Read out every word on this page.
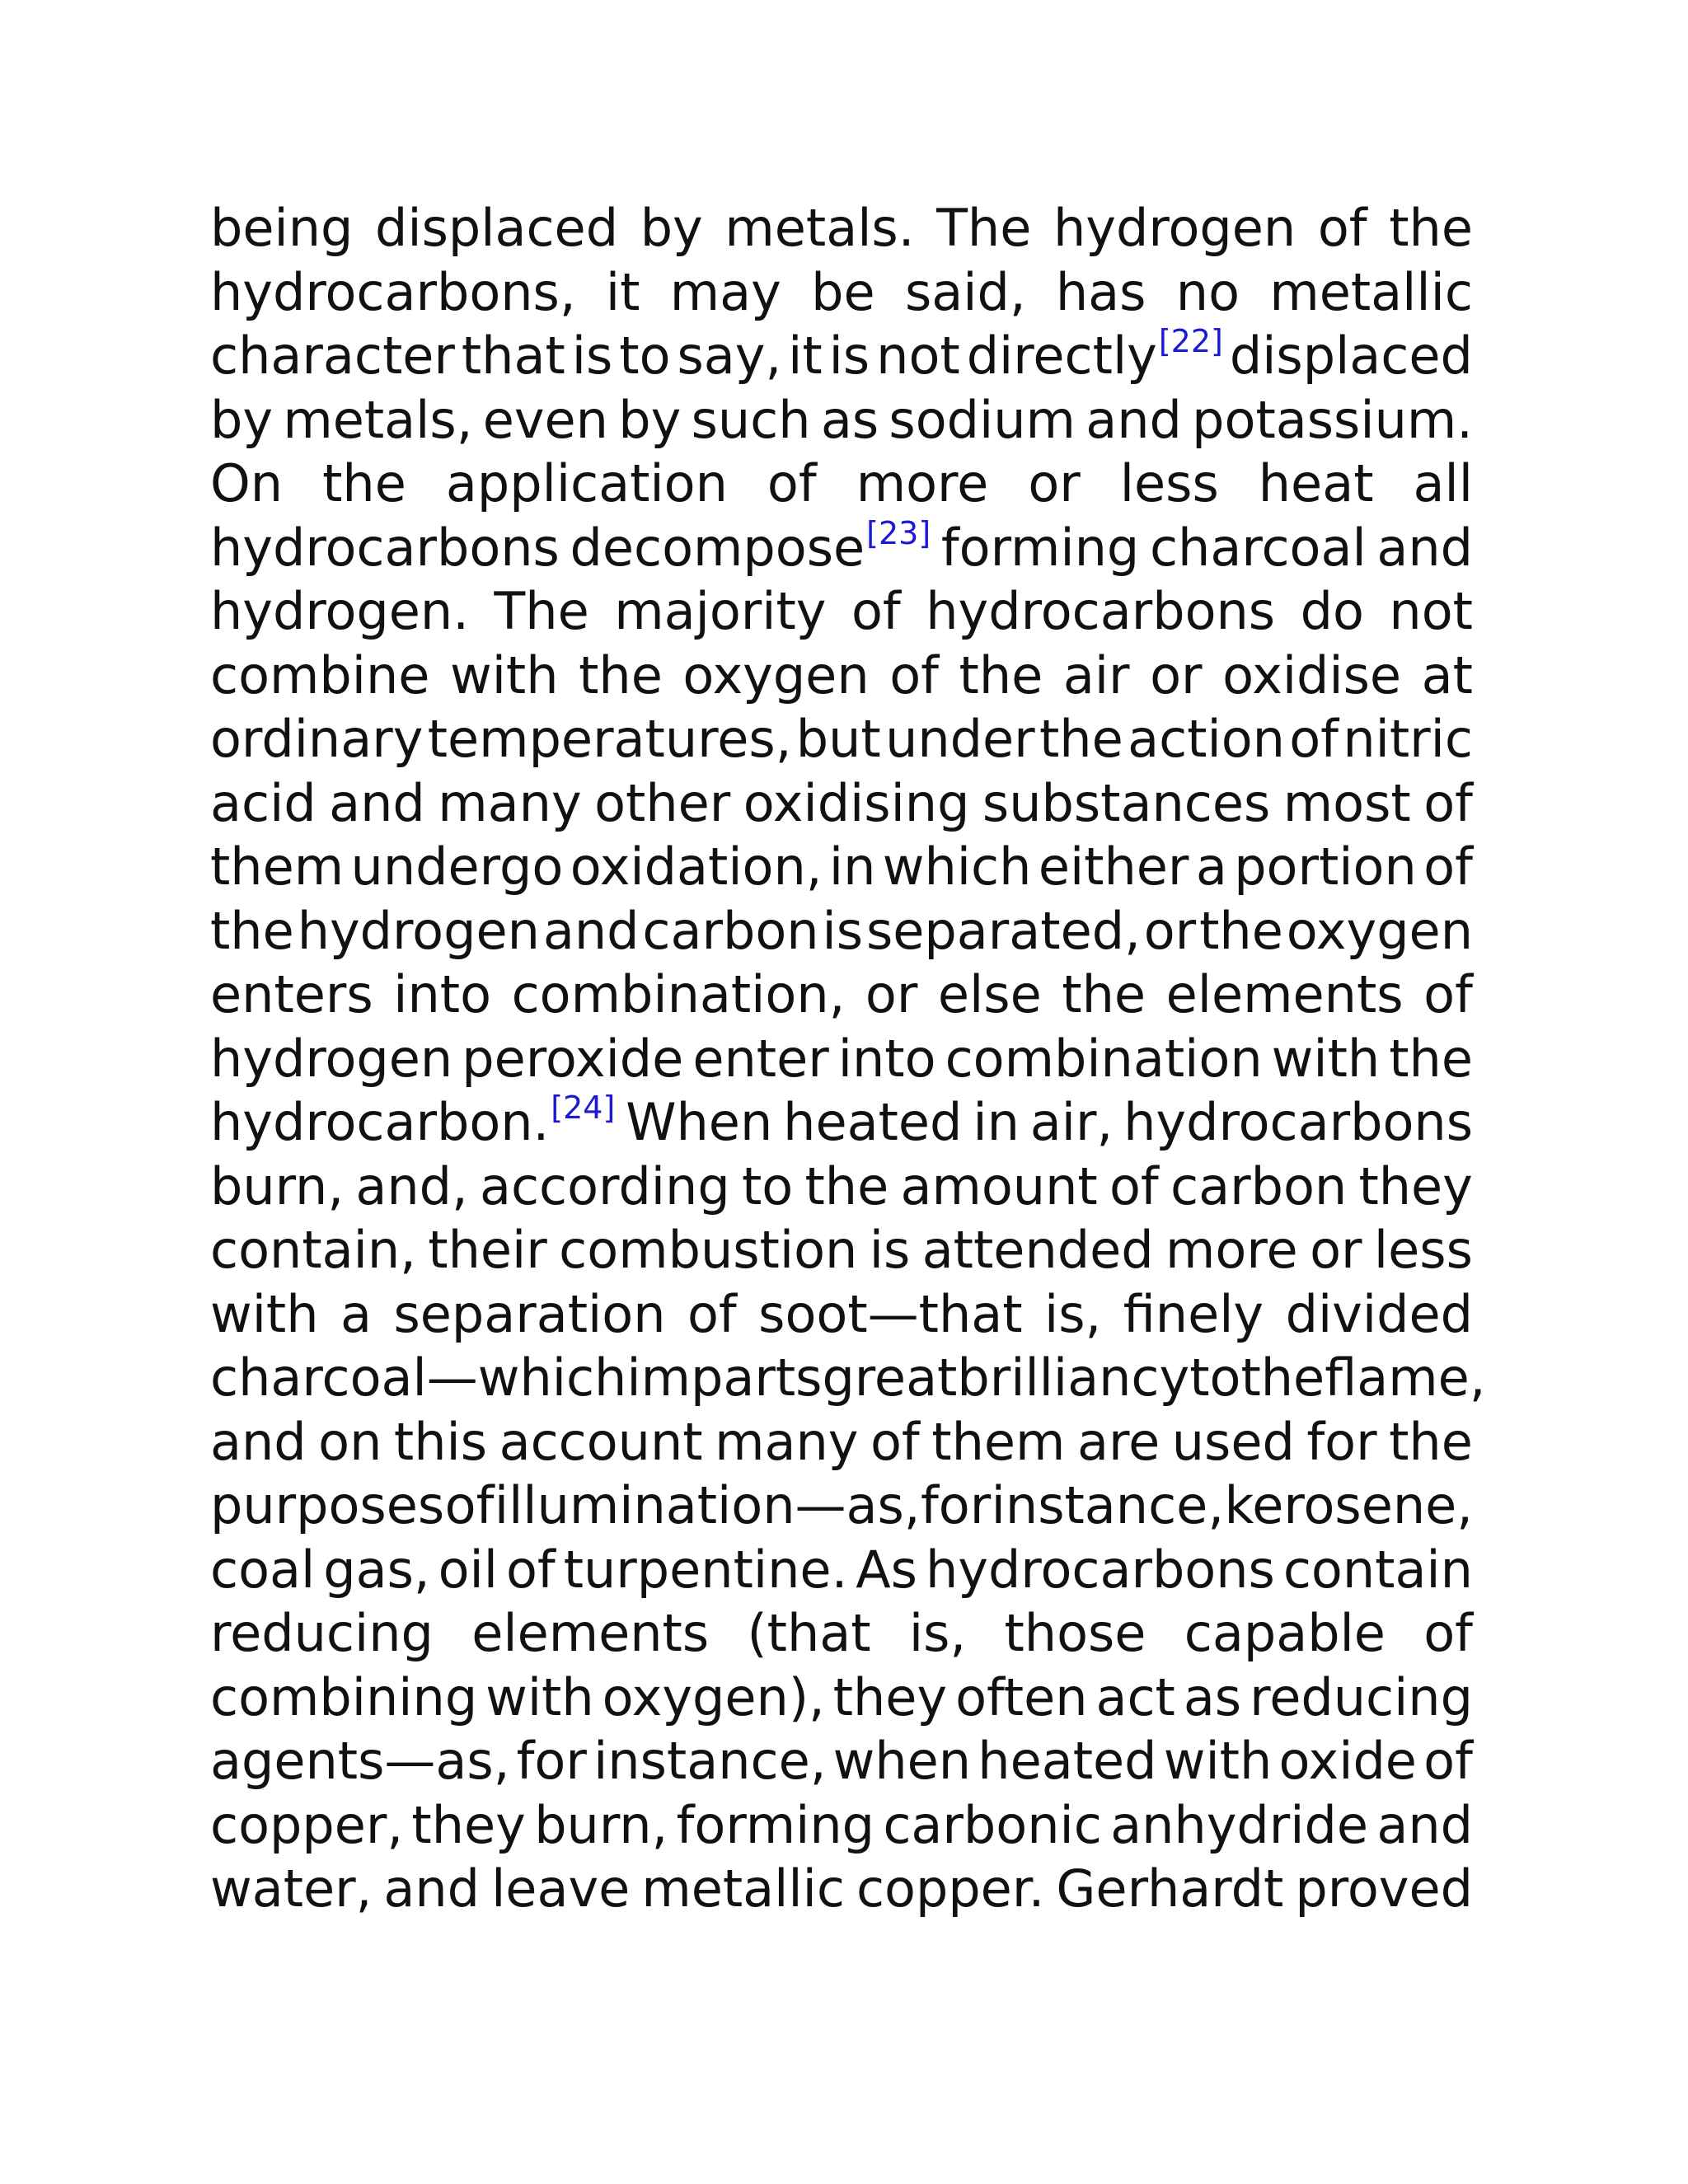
being displaced by metals. The hydrogen of the
hydrocarbons, it may be said, has no metallic
character that is to say, it is not directly [22] displaced
by metals, even by such as sodium and potassium.
On the application of more or less heat all
hydrocarbons decompose [23] forming charcoal and
hydrogen. The majority of hydrocarbons do not
combine with the oxygen of the air or oxidise at
ordinary temperatures, but under the action of nitric
acid and many other oxidising substances most of
them undergo oxidation, in which either a portion of
the hydrogen and carbon is separated, or the oxygen
enters into combination, or else the elements of
hydrogen peroxide enter into combination with the
hydrocarbon. [24] When heated in air, hydrocarbons
burn, and, according to the amount of carbon they
contain, their combustion is attended more or less
with a separation of soot—that is, finely divided
charcoal—which imparts great brilliancy to the flame,
and on this account many of them are used for the
purposes of illumination—as, for instance, kerosene,
coal gas, oil of turpentine. As hydrocarbons contain
reducing elements (that is, those capable of
combining with oxygen), they often act as reducing
agents—as, for instance, when heated with oxide of
copper, they burn, forming carbonic anhydride and
water, and leave metallic copper. Gerhardt proved
